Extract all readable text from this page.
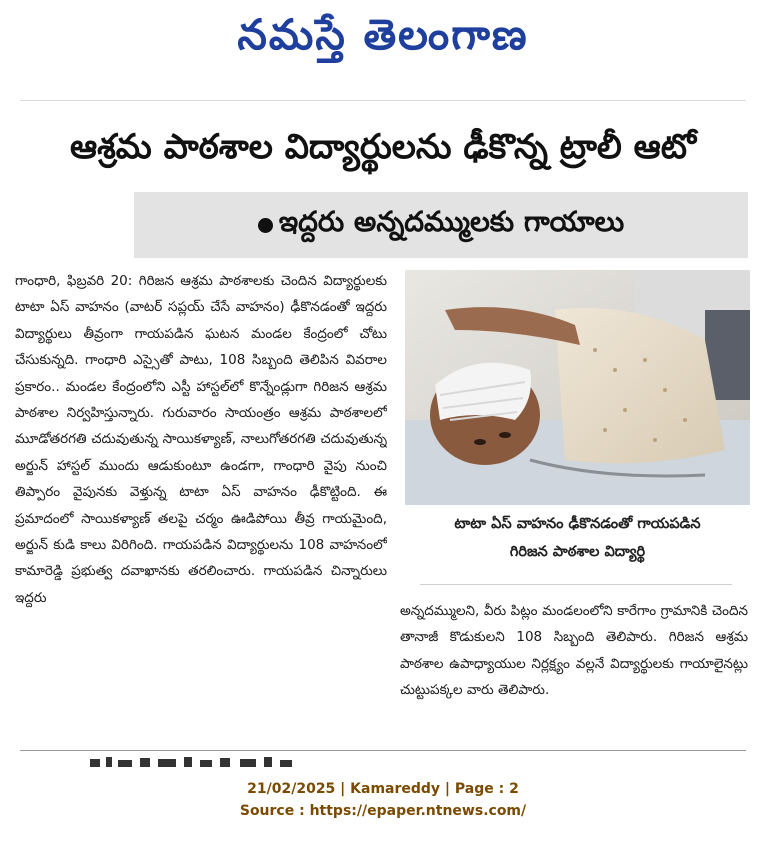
నమస్తే తెలంగాణ
ఆశ్రమ పాఠశాల విద్యార్థులను ఢీకొన్న ట్రాలీ ఆటో
ఇద్దరు అన్నదమ్ములకు గాయాలు

గాంధారి, ఫిబ్రవరి 20: గిరిజన ఆశ్రమ పాఠశాలకు చెందిన విద్యార్థులకు టాటా ఏస్ వాహనం (వాటర్ సప్లయ్ చేసే వాహనం) ఢీకొనడంతో ఇద్దరు విద్యార్థులు తీవ్రంగా గాయపడిన ఘటన మండల కేంద్రంలో చోటు చేసుకున్నది. గాంధారి ఎస్సైతో పాటు, 108 సిబ్బంది తెలిపిన వివరాల ప్రకారం.. మండల కేంద్రంలోని ఎస్టీ హాస్టల్‌లో కొన్నేండ్లుగా గిరిజన ఆశ్రమ పాఠశాల నిర్వహిస్తున్నారు. గురువారం సాయంత్రం ఆశ్రమ పాఠశాలలో మూడోతరగతి చదువుతున్న సాయికళ్యాణ్, నాలుగోతరగతి చదువుతున్న అర్జున్ హాస్టల్ ముందు ఆడుకుంటూ ఉండగా, గాంధారి వైపు నుంచి తిప్పారం వైపునకు వెళ్తున్న టాటా ఏస్ వాహనం ఢీకొట్టింది. ఈ ప్రమాదంలో సాయికళ్యాణ్ తలపై చర్మం ఊడిపోయి తీవ్ర గాయమైంది, అర్జున్ కుడి కాలు విరిగింది. గాయపడిన విద్యార్థులను 108 వాహనంలో కామారెడ్డి ప్రభుత్వ దవాఖానకు తరలించారు. గాయపడిన చిన్నారులు ఇద్దరు

టాటా ఏస్ వాహనం ఢీకొనడంతో గాయపడిన
గిరిజన పాఠశాల విద్యార్థి

అన్నదమ్ములని, వీరు పిట్లం మండలంలోని కారేగాం గ్రామానికి చెందిన తానాజీ కొడుకులని 108 సిబ్బంది తెలిపారు. గిరిజన ఆశ్రమ పాఠశాల ఉపాధ్యాయుల నిర్లక్ష్యం వల్లనే విద్యార్థులకు గాయాలైనట్లు చుట్టుపక్కల వారు తెలిపారు.

21/02/2025 | Kamareddy | Page : 2
Source : https://epaper.ntnews.com/
